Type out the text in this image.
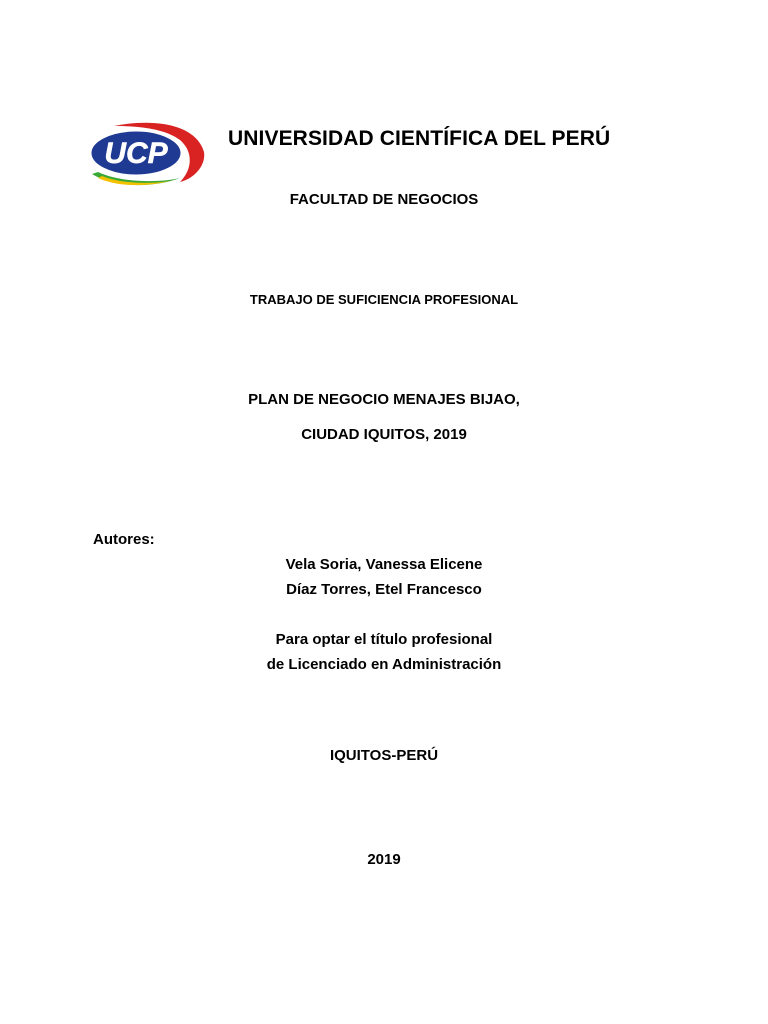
UCP	UNIVERSIDAD CIENTÍFICA DEL PERÚ
FACULTAD DE NEGOCIOS
TRABAJO DE SUFICIENCIA PROFESIONAL
PLAN DE NEGOCIO MENAJES BIJAO,
CIUDAD IQUITOS, 2019
Autores:
Vela Soria, Vanessa Elicene
Díaz Torres, Etel Francesco
Para optar el título profesional
de Licenciado en Administración
IQUITOS-PERÚ
2019
